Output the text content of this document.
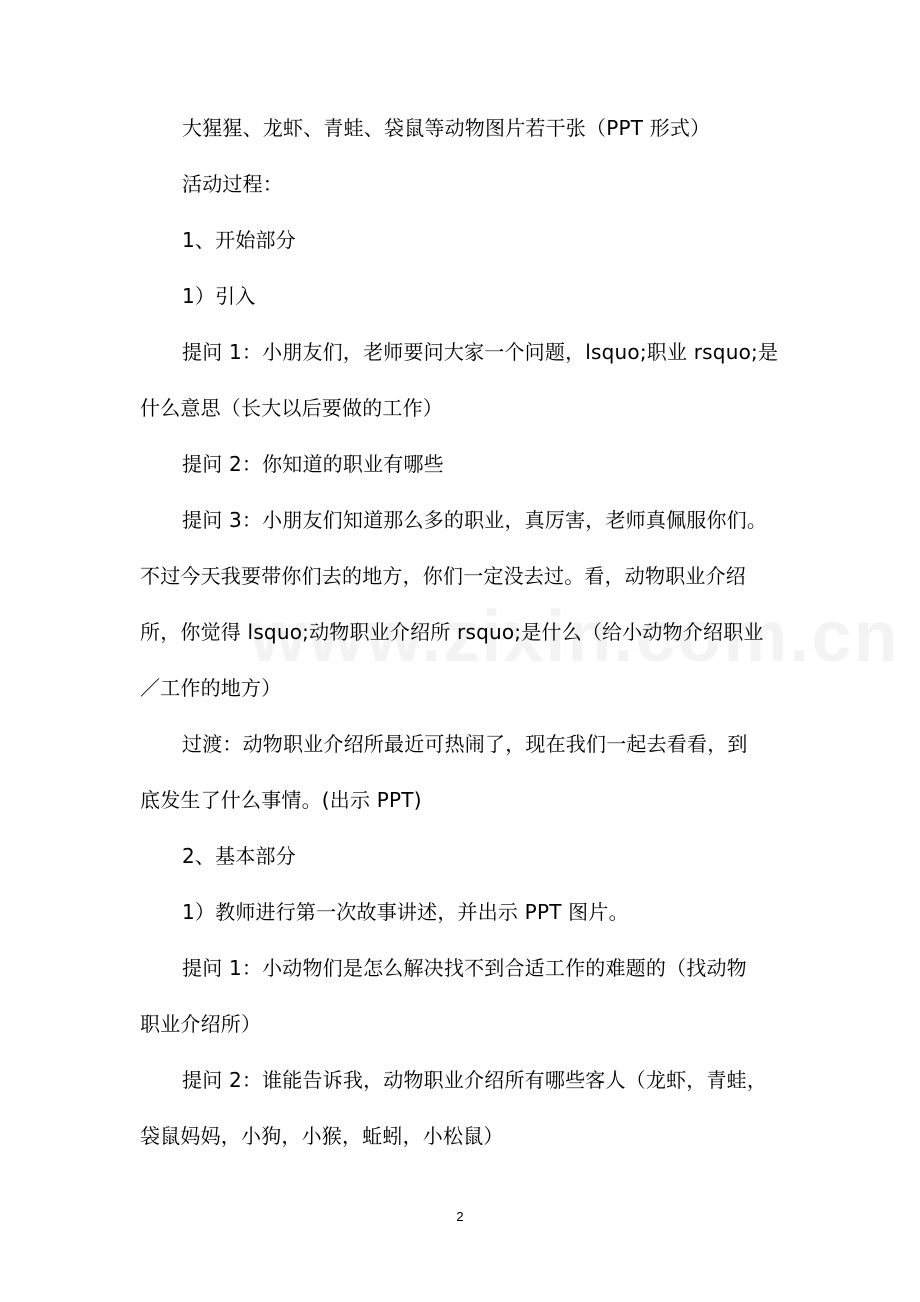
大猩猩、龙虾、青蛙、袋鼠等动物图片若干张（PPT 形式）
活动过程：
1、开始部分
1）引入
提问 1：小朋友们，老师要问大家一个问题，lsquo;职业 rsquo;是
什么意思（长大以后要做的工作）
提问 2：你知道的职业有哪些
提问 3：小朋友们知道那么多的职业，真厉害，老师真佩服你们。
不过今天我要带你们去的地方，你们一定没去过。看，动物职业介绍
所，你觉得 lsquo;动物职业介绍所 rsquo;是什么（给小动物介绍职业
／工作的地方）
过渡：动物职业介绍所最近可热闹了，现在我们一起去看看，到
底发生了什么事情。(出示 PPT)
2、基本部分
1）教师进行第一次故事讲述，并出示 PPT 图片。
提问 1：小动物们是怎么解决找不到合适工作的难题的（找动物
职业介绍所）
提问 2：谁能告诉我，动物职业介绍所有哪些客人（龙虾，青蛙，
袋鼠妈妈，小狗，小猴，蚯蚓，小松鼠）
2
